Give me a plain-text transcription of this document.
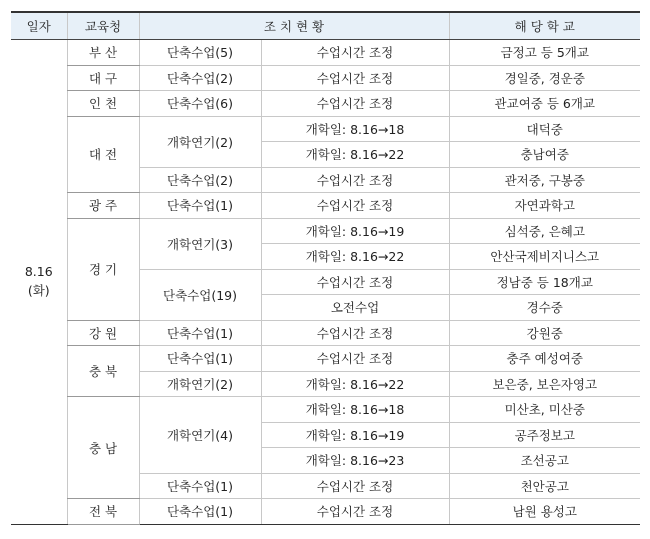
일자	교육청	조 치 현 황		해 당 학 교

8.16
(화)	부 산	단축수업(5)	수업시간 조정	금정고 등 5개교
	대 구	단축수업(2)	수업시간 조정	경일중, 경운중
	인 천	단축수업(6)	수업시간 조정	관교여중 등 6개교
	대 전	개학연기(2)	개학일: 8.16→18	대덕중
			개학일: 8.16→22	충남여중
		단축수업(2)	수업시간 조정	관저중, 구봉중
	광 주	단축수업(1)	수업시간 조정	자연과학고
	경 기	개학연기(3)	개학일: 8.16→19	심석중, 은혜고
			개학일: 8.16→22	안산국제비지니스고
		단축수업(19)	수업시간 조정	정남중 등 18개교
			오전수업	경수중
	강 원	단축수업(1)	수업시간 조정	강원중
	충 북	단축수업(1)	수업시간 조정	충주 예성여중
		개학연기(2)	개학일: 8.16→22	보은중, 보은자영고
	충 남	개학연기(4)	개학일: 8.16→18	미산초, 미산중
			개학일: 8.16→19	공주정보고
			개학일: 8.16→23	조선공고
		단축수업(1)	수업시간 조정	천안공고
	전 북	단축수업(1)	수업시간 조정	남원 용성고
